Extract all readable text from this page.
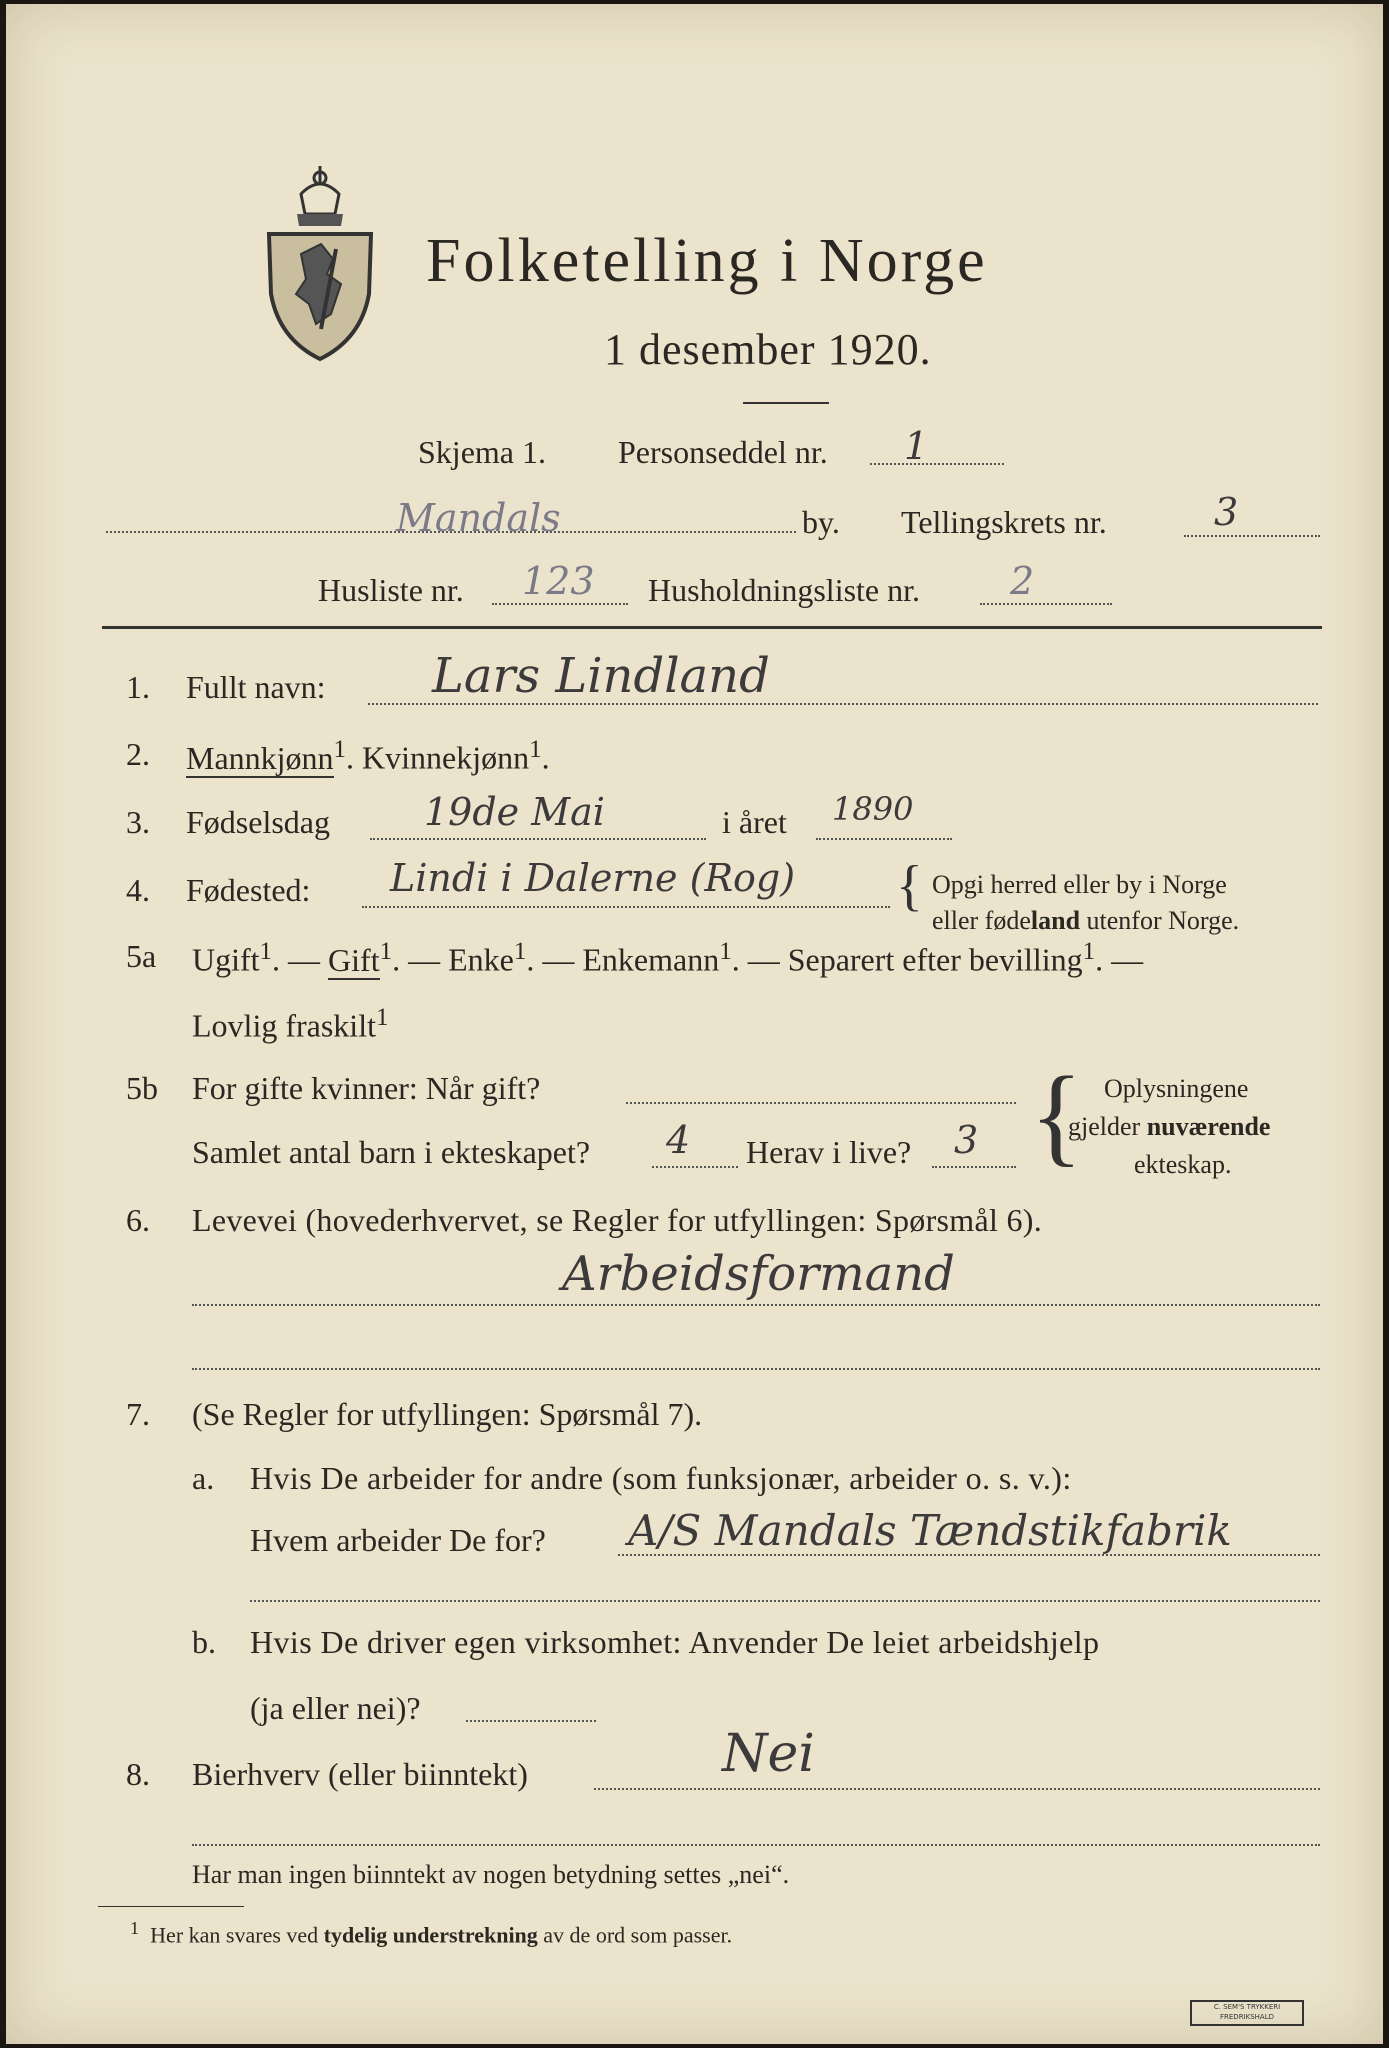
Folketelling i Norge
1 desember 1920.
Skjema 1. Personseddel nr. 1
Mandals	by. Tellingskrets nr.	3
Husliste nr. 123 Husholdningsliste nr. 2
1. Fullt navn: Lars Lindland
2. Mannkjønn$^1$. Kvinnekjønn$^1$.
3. Fødselsdag 19de Mai	i året 1890
4. Fødested: Lindi i Dalerne (Rog) { Opgi herred eller by i Norge
eller fødeland utenfor Norge.
5a Ugift$^1$. — Gift$^1$. — Enke$^1$. — Enkemann$^1$. — Separert efter bevilling$^1$. —
Lovlig fraskilt$^1$
5b For gifte kvinner: Når gift?
Samlet antal barn i ekteskapet? 4 Herav i live? 3 { Oplysningene
gjelder nuværende
ekteskap.
6. Levevei (hovederhvervet, se Regler for utfyllingen: Spørsmål 6).
Arbeidsformand
7. (Se Regler for utfyllingen: Spørsmål 7).
a. Hvis De arbeider for andre (som funksjonær, arbeider o. s. v.):
Hvem arbeider De for? A/S Mandals Tændstikfabrik
b. Hvis De driver egen virksomhet: Anvender De leiet arbeidshjelp
(ja eller nei)?
8. Bierhverv (eller biinntekt)	Nei
Har man ingen biinntekt av nogen betydning settes „nei“.
$^1$ Her kan svares ved tydelig understrekning av de ord som passer.
C. SEM'S TRYKKERI
FREDRIKSHALD
